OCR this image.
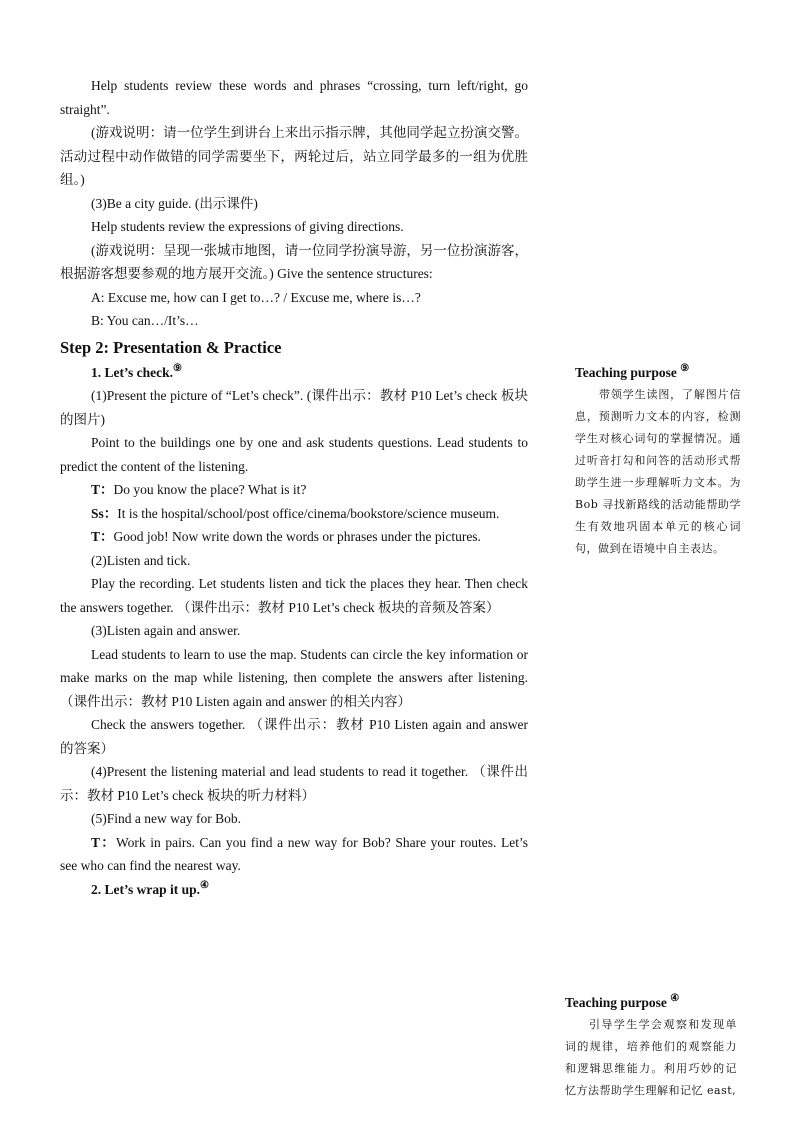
Help students review these words and phrases “crossing, turn left/right, go straight”.

(游戏说明：请一位学生到讲台上来出示指示牌，其他同学起立扮演交警。活动过程中动作做错的同学需要坐下，两轮过后，站立同学最多的一组为优胜组。)

(3)Be a city guide. (出示课件)

Help students review the expressions of giving directions.

(游戏说明：呈现一张城市地图，请一位同学扮演导游，另一位扮演游客，根据游客想要参观的地方展开交流。) Give the sentence structures:

A: Excuse me, how can I get to…? / Excuse me, where is…?

B: You can…/It’s…

Step 2: Presentation & Practice

1. Let’s check.⑨

(1)Present the picture of “Let’s check”. (课件出示：教材 P10 Let’s check 板块的图片)

Point to the buildings one by one and ask students questions. Lead students to predict the content of the listening.

T：Do you know the place? What is it?

Ss：It is the hospital/school/post office/cinema/bookstore/science museum.

T：Good job! Now write down the words or phrases under the pictures.

(2)Listen and tick.

Play the recording. Let students listen and tick the places they hear. Then check the answers together. （课件出示：教材 P10 Let’s check 板块的音频及答案）

(3)Listen again and answer.

Lead students to learn to use the map. Students can circle the key information or make marks on the map while listening, then complete the answers after listening. （课件出示：教材 P10 Listen again and answer 的相关内容）

Check the answers together. （课件出示：教材 P10 Listen again and answer 的答案）

(4)Present the listening material and lead students to read it together. （课件出示：教材 P10 Let’s check 板块的听力材料）

(5)Find a new way for Bob.

T：Work in pairs. Can you find a new way for Bob? Share your routes. Let’s see who can find the nearest way.

2. Let’s wrap it up.④

Teaching purpose ⑨
带领学生读图，了解图片信息，预测听力文本的内容，检测学生对核心词句的掌握情况。通过听音打勾和问答的活动形式帮助学生进一步理解听力文本。为 Bob 寻找新路线的活动能帮助学生有效地巩固本单元的核心词句，做到在语境中自主表达。
Teaching purpose ④
引导学生学会观察和发现单词的规律，培养他们的观察能力和逻辑思维能力。利用巧妙的记忆方法帮助学生理解和记忆 east,
